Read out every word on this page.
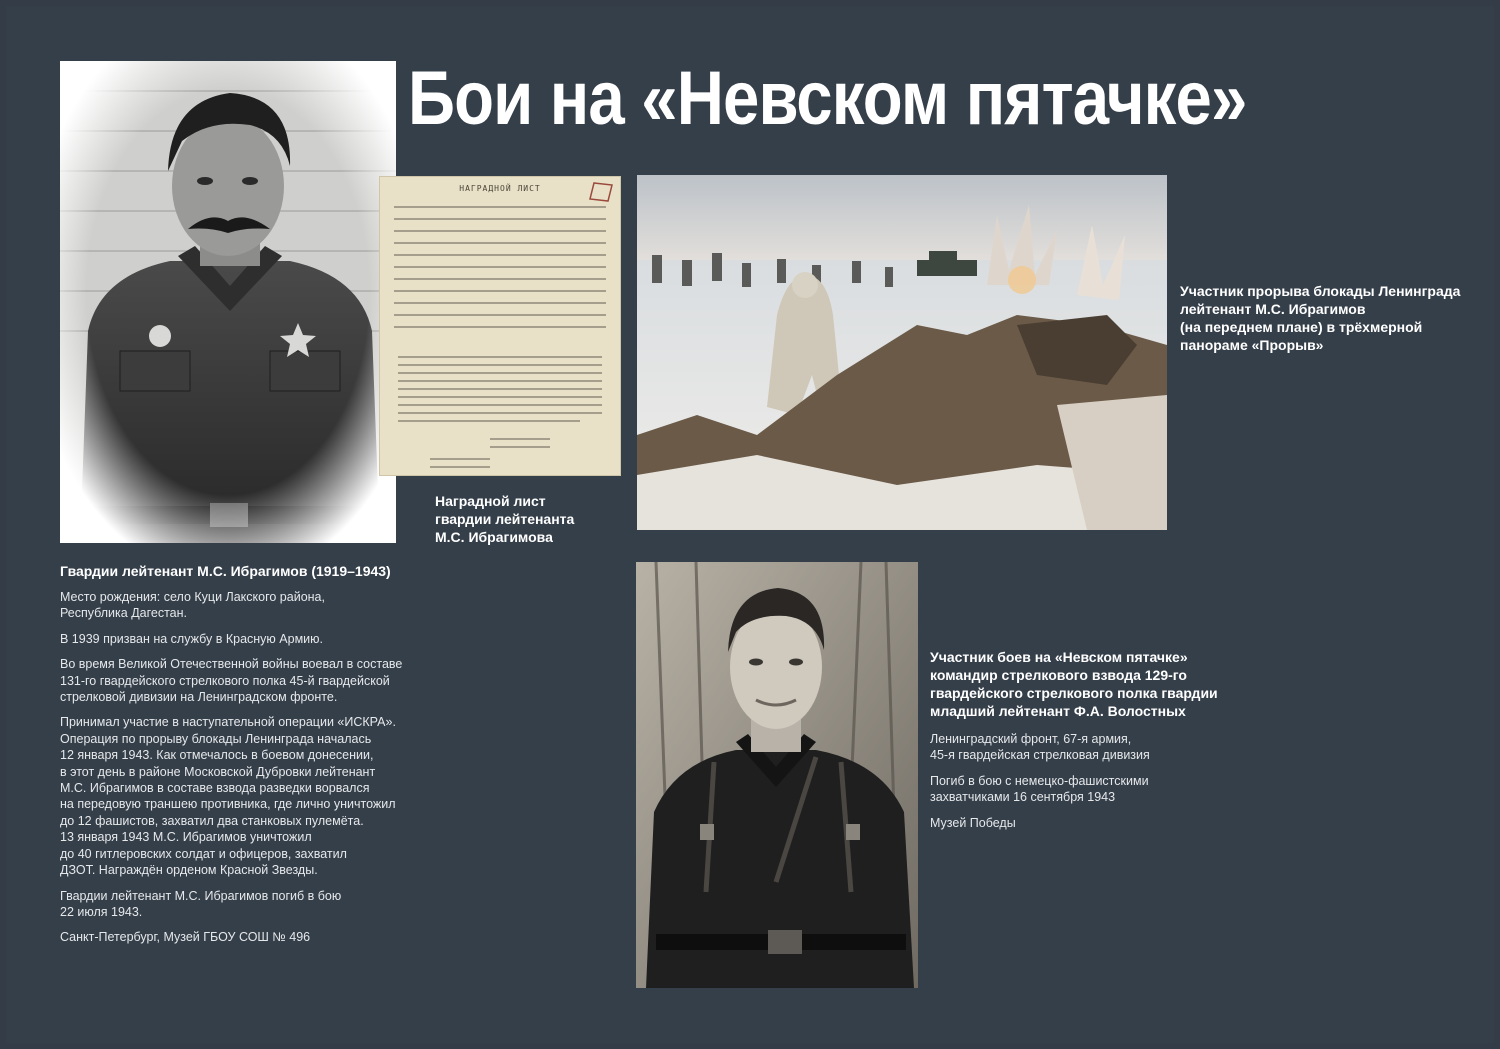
Бои на «Невском пятачке»
НАГРАДНОЙ ЛИСТ
Наградной лист
гвардии лейтенанта
М.С. Ибрагимова
Участник прорыва блокады Ленинграда
лейтенант М.С. Ибрагимов
(на переднем плане) в трёхмерной
панораме «Прорыв»
Гвардии лейтенант М.С. Ибрагимов (1919–1943)

Место рождения: село Куци Лакского района,
Республика Дагестан.

В 1939 призван на службу в Красную Армию.

Во время Великой Отечественной войны воевал в составе
131-го гвардейского стрелкового полка 45-й гвардейской
стрелковой дивизии на Ленинградском фронте.

Принимал участие в наступательной операции «ИСКРА».
Операция по прорыву блокады Ленинграда началась
12 января 1943. Как отмечалось в боевом донесении,
в этот день в районе Московской Дубровки лейтенант
М.С. Ибрагимов в составе взвода разведки ворвался
на передовую траншею противника, где лично уничтожил
до 12 фашистов, захватил два станковых пулемёта.
13 января 1943 М.С. Ибрагимов уничтожил
до 40 гитлеровских солдат и офицеров, захватил
ДЗОТ. Награждён орденом Красной Звезды.

Гвардии лейтенант М.С. Ибрагимов погиб в бою
22 июля 1943.

Санкт-Петербург, Музей ГБОУ СОШ № 496

Участник боев на «Невском пятачке»
командир стрелкового взвода 129-го
гвардейского стрелкового полка гвардии
младший лейтенант Ф.А. Волостных

Ленинградский фронт, 67-я армия,
45-я гвардейская стрелковая дивизия

Погиб в бою с немецко-фашистскими
захватчиками 16 сентября 1943

Музей Победы
